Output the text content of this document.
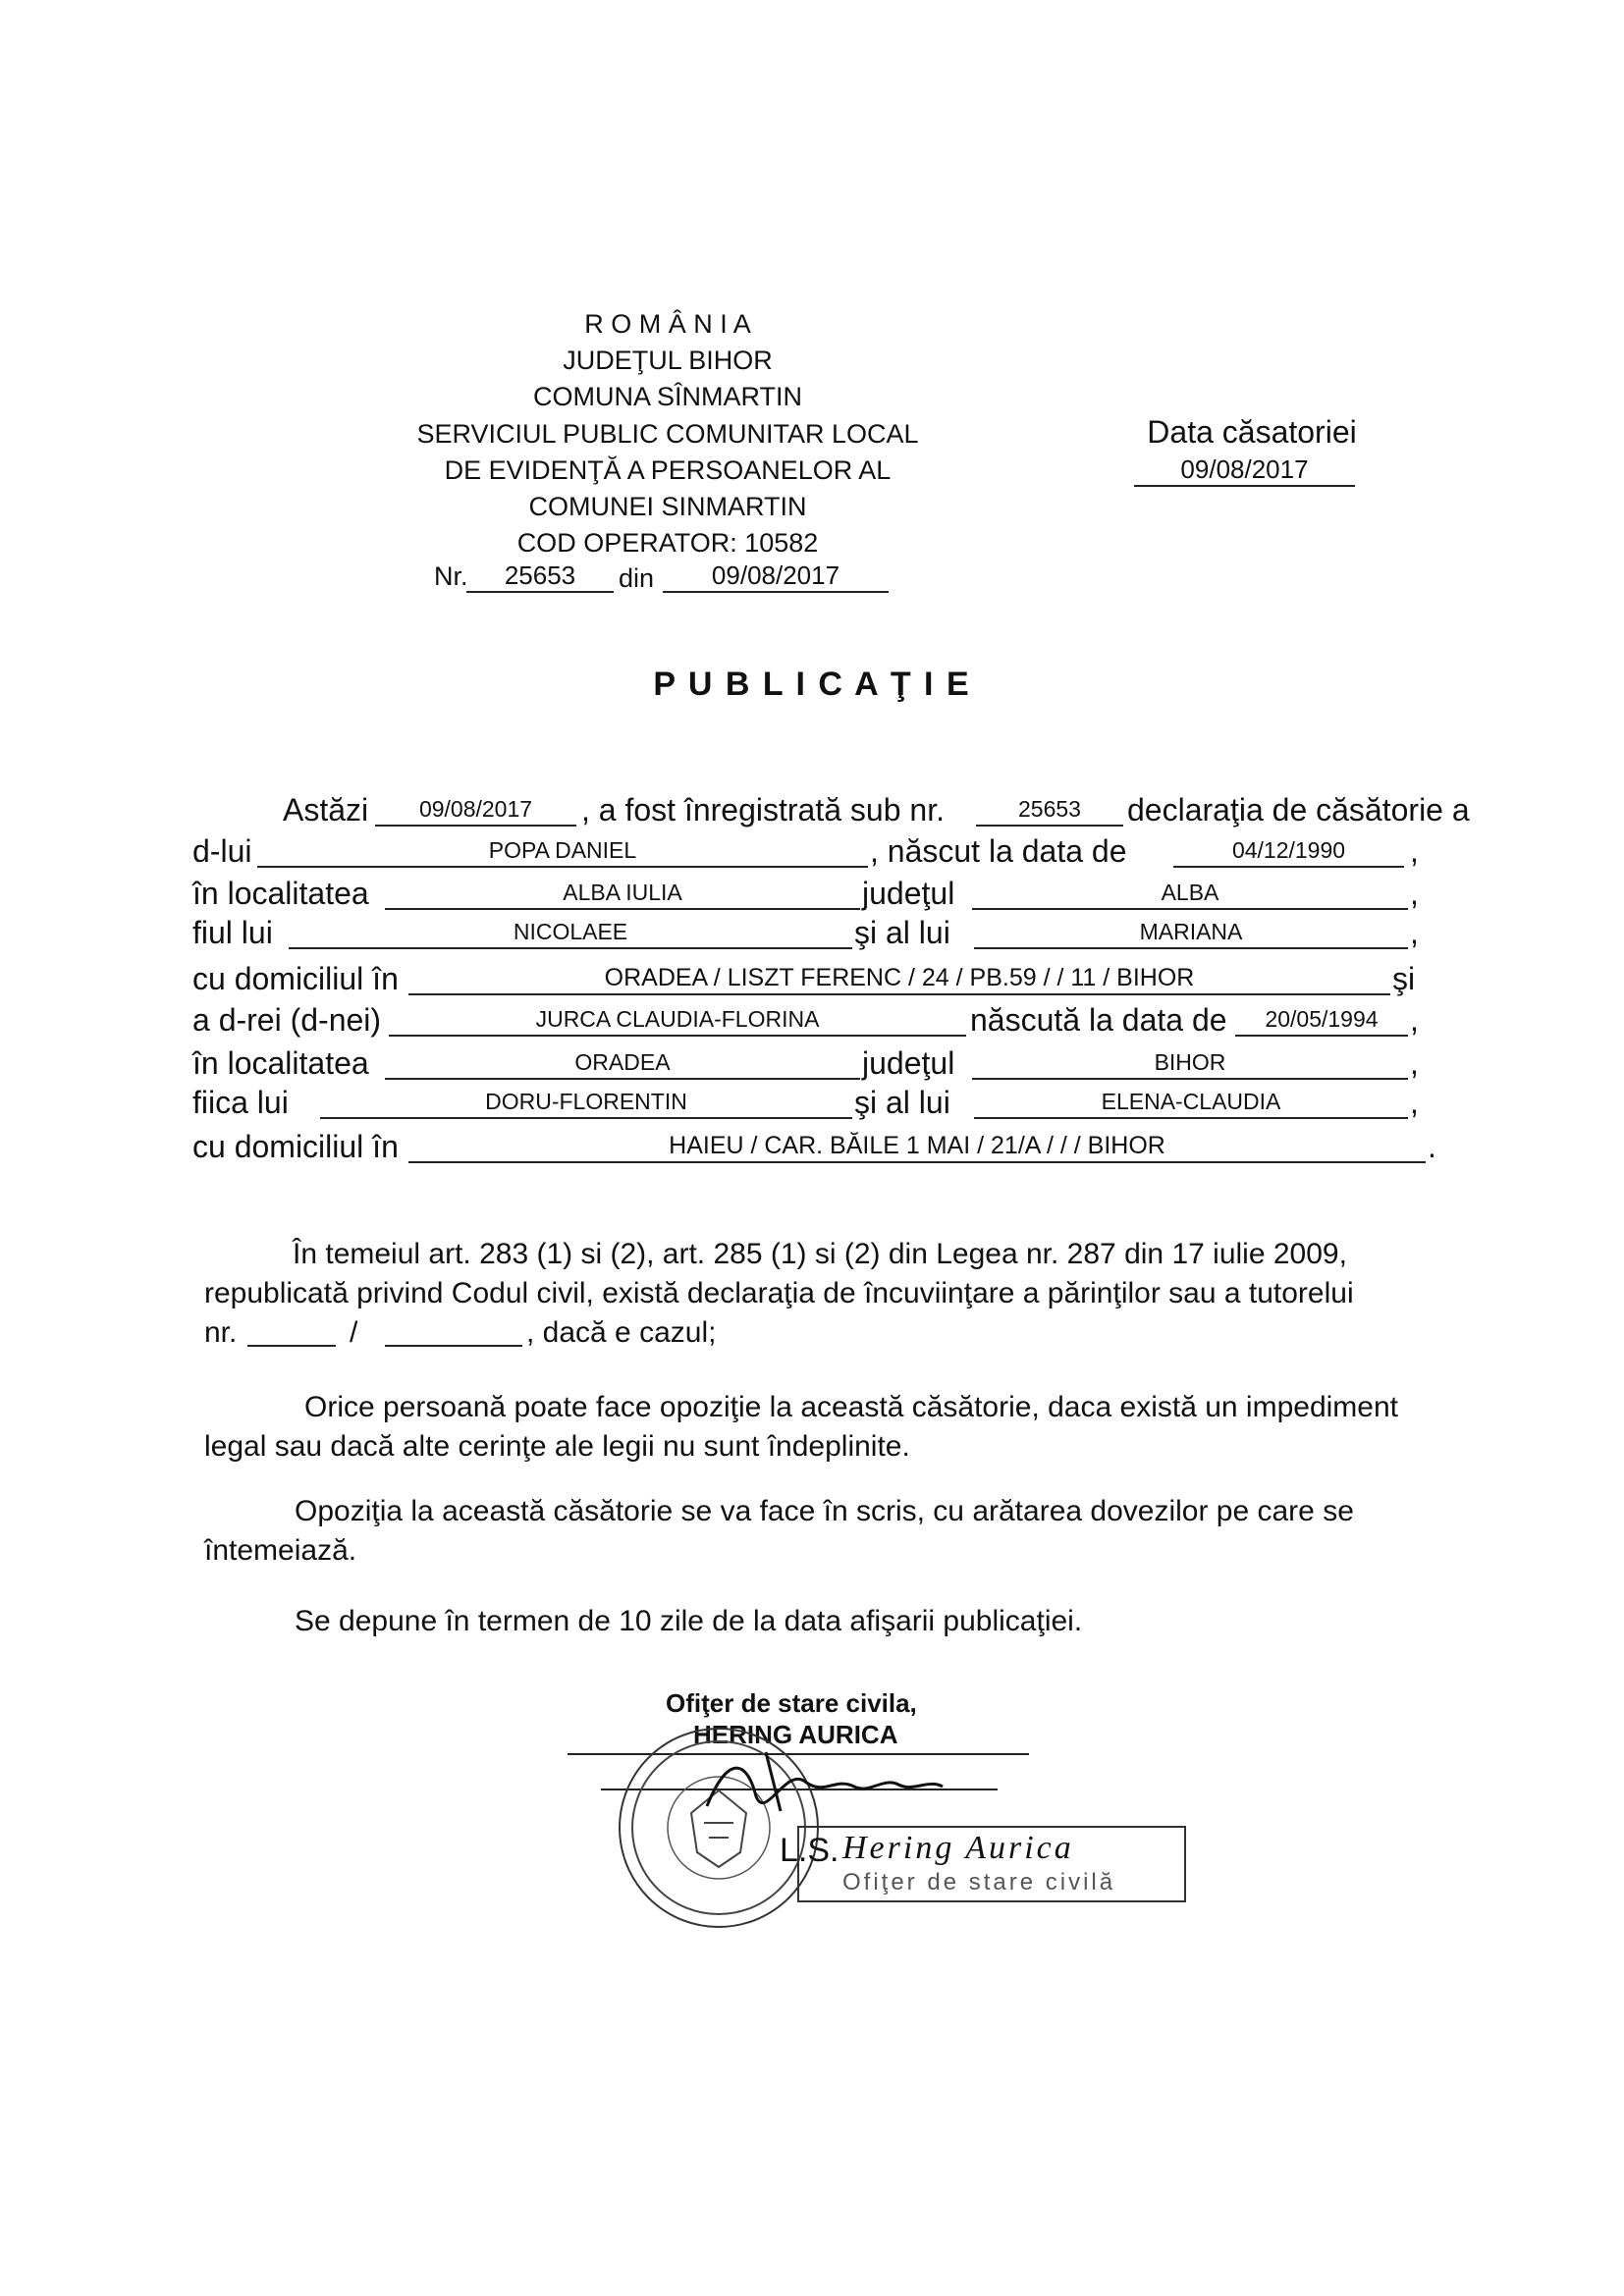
R O M Â N I A
JUDEŢUL BIHOR
COMUNA SÎNMARTIN
SERVICIUL PUBLIC COMUNITAR LOCAL
DE EVIDENŢĂ A PERSOANELOR AL
COMUNEI SINMARTIN
COD OPERATOR: 10582
Nr.	25653	din	09/08/2017
Data căsatoriei
09/08/2017
P U B L I C A Ţ I E
Astăzi	09/08/2017	, a fost înregistrată sub nr.	25653	declaraţia de căsătorie a
d-lui	POPA DANIEL	, născut la data de	04/12/1990	,
în localitatea	ALBA IULIA	judeţul	ALBA	,
fiul lui	NICOLAEE	şi al lui	MARIANA	,
cu domiciliul în	ORADEA / LISZT FERENC / 24 / PB.59 / / 11 / BIHOR	şi
a d-rei (d-nei)	JURCA CLAUDIA-FLORINA	născută la data de	20/05/1994	,
în localitatea	ORADEA	judeţul	BIHOR	,
fiica lui	DORU-FLORENTIN	şi al lui	ELENA-CLAUDIA	,
cu domiciliul în	HAIEU / CAR. BĂILE 1 MAI / 21/A / / / BIHOR	.
În temeiul art. 283 (1) si (2), art. 285 (1) si (2) din Legea nr. 287 din 17 iulie 2009,
republicată privind Codul civil, există declaraţia de încuviinţare a părinţilor sau a tutorelui
nr.	/	, dacă e cazul;
Orice persoană poate face opoziţie la această căsătorie, daca există un impediment
legal sau dacă alte cerinţe ale legii nu sunt îndeplinite.
Opoziţia la această căsătorie se va face în scris, cu arătarea dovezilor pe care se
întemeiază.
Se depune în termen de 10 zile de la data afişarii publicaţiei.
Ofiţer de stare civila,
HERING AURICA
L.S. Hering Aurica
Ofiţer de stare civilă
